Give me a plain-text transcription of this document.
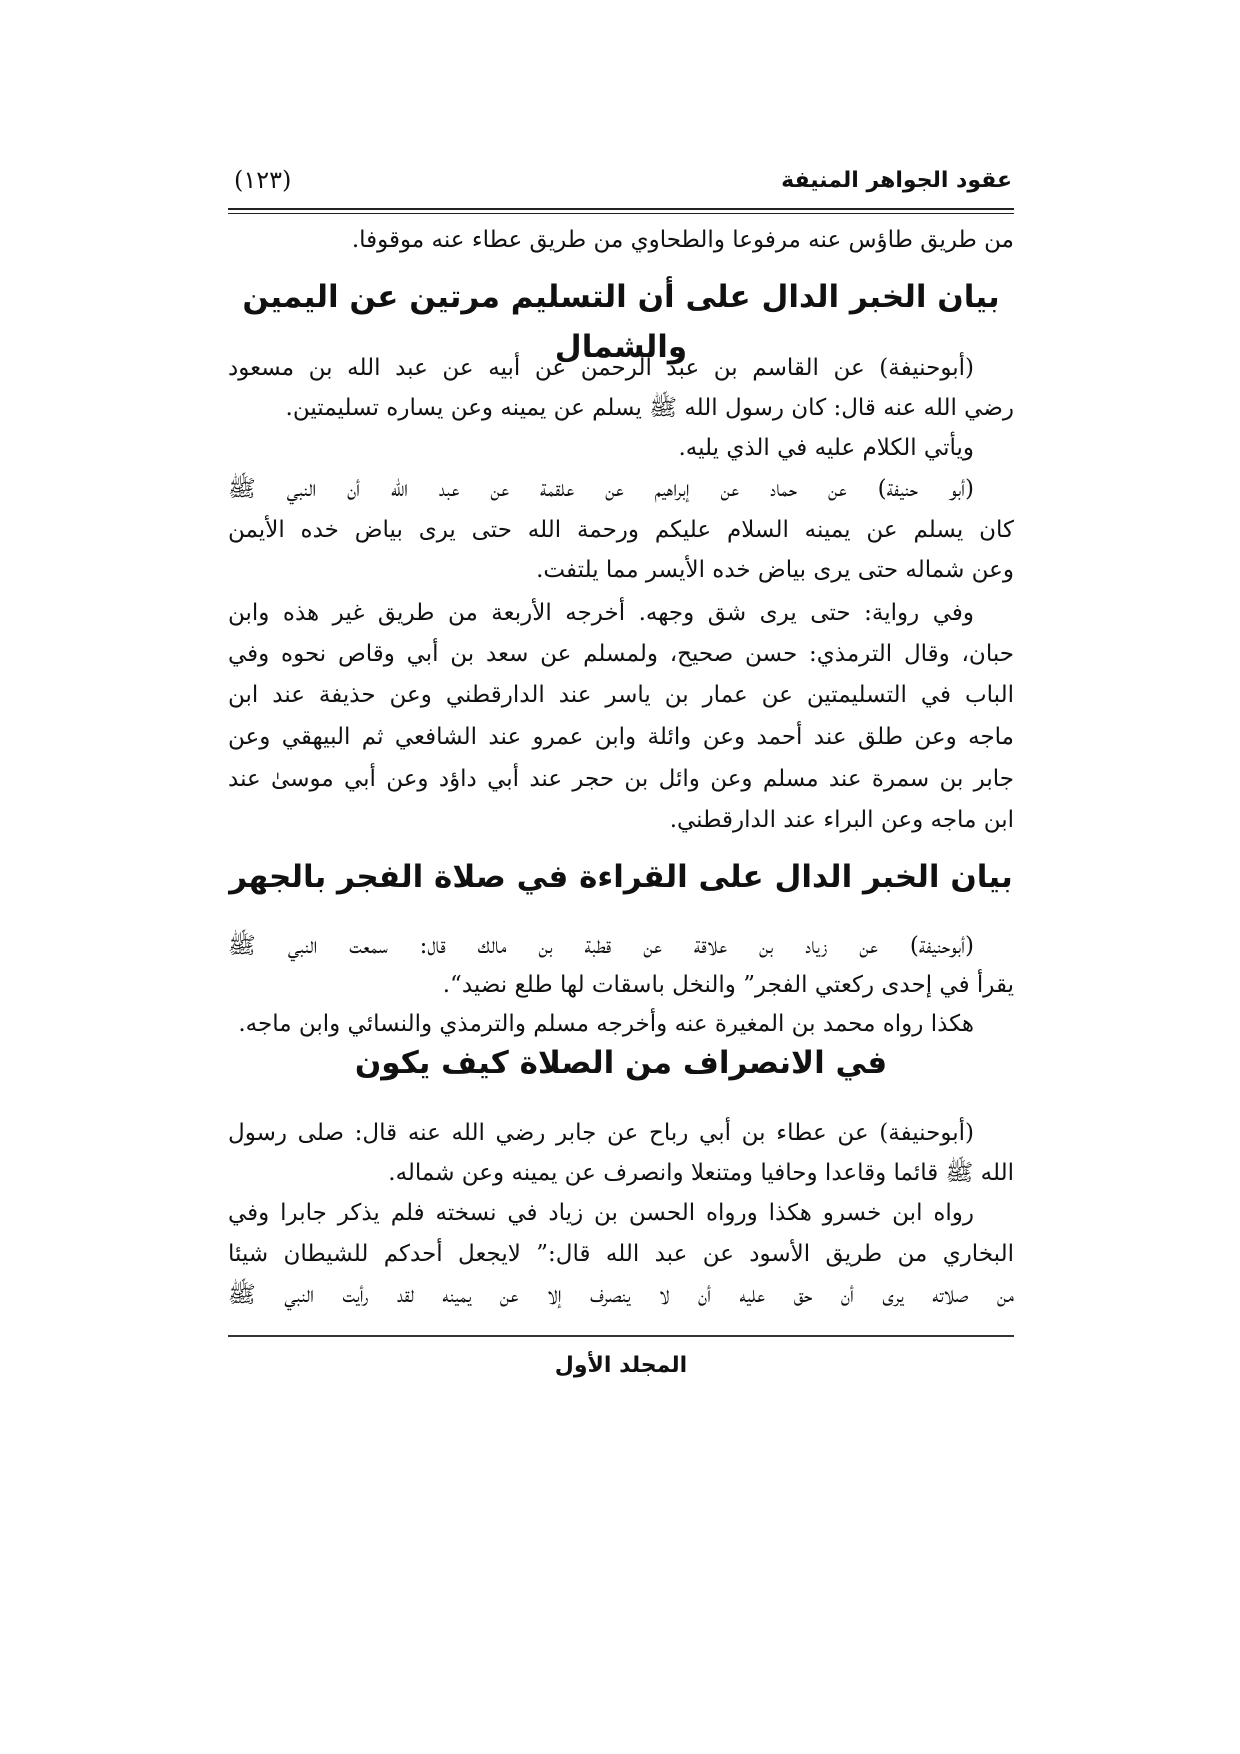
عقود الجواهر المنيفة
(١٢٣)
من طريق طاؤس عنه مرفوعا والطحاوي من طريق عطاء عنه موقوفا.
بيان الخبر الدال على أن التسليم مرتين عن اليمين والشمال
(أبوحنيفة) عن القاسم بن عبد الرحمن عن أبيه عن عبد الله بن مسعود
رضي الله عنه قال: كان رسول الله ﷺ يسلم عن يمينه وعن يساره تسليمتين.
ويأتي الكلام عليه في الذي يليه.
(أبو حنيفة) عن حماد عن إبراهيم عن علقمة عن عبد الله أن النبي ﷺ
كان يسلم عن يمينه السلام عليكم ورحمة الله حتى يرى بياض خده الأيمن
وعن شماله حتى يرى بياض خده الأيسر مما يلتفت.
وفي رواية: حتى يرى شق وجهه. أخرجه الأربعة من طريق غير هذه وابن
حبان، وقال الترمذي: حسن صحيح، ولمسلم عن سعد بن أبي وقاص نحوه وفي
الباب في التسليمتين عن عمار بن ياسر عند الدارقطني وعن حذيفة عند ابن
ماجه وعن طلق عند أحمد وعن وائلة وابن عمرو عند الشافعي ثم البيهقي وعن
جابر بن سمرة عند مسلم وعن وائل بن حجر عند أبي داؤد وعن أبي موسىٰ عند
ابن ماجه وعن البراء عند الدارقطني.
بيان الخبر الدال على القراءة في صلاة الفجر بالجهر
(أبوحنيفة) عن زياد بن علاقة عن قطبة بن مالك قال: سمعت النبي ﷺ
يقرأ في إحدى ركعتي الفجر” والنخل باسقات لها طلع نضيد“.
هكذا رواه محمد بن المغيرة عنه وأخرجه مسلم والترمذي والنسائي وابن ماجه.
في الانصراف من الصلاة كيف يكون
(أبوحنيفة) عن عطاء بن أبي رباح عن جابر رضي الله عنه قال: صلى رسول
الله ﷺ قائما وقاعدا وحافيا ومتنعلا وانصرف عن يمينه وعن شماله.
رواه ابن خسرو هكذا ورواه الحسن بن زياد في نسخته فلم يذكر جابرا وفي
البخاري من طريق الأسود عن عبد الله قال:” لايجعل أحدكم للشيطان شيئا
من صلاته يرى أن حق عليه أن لا ينصرف إلا عن يمينه لقد رأيت النبي ﷺ
المجلد الأول
